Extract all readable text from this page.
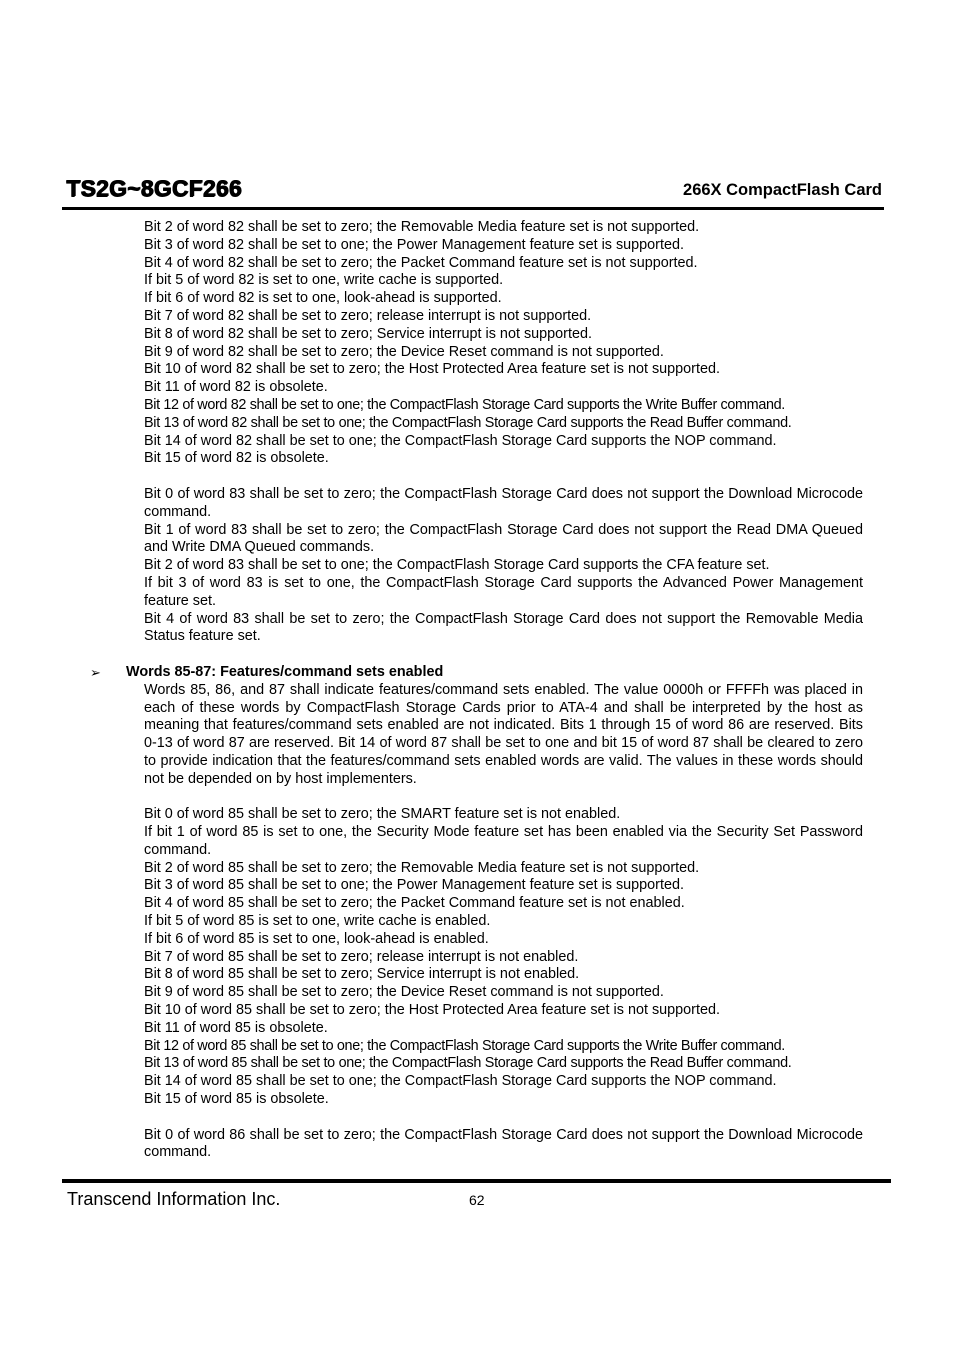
TS2G~8GCF266	266X CompactFlash Card
Bit 2 of word 82 shall be set to zero; the Removable Media feature set is not supported.
Bit 3 of word 82 shall be set to one; the Power Management feature set is supported.
Bit 4 of word 82 shall be set to zero; the Packet Command feature set is not supported.
If bit 5 of word 82 is set to one, write cache is supported.
If bit 6 of word 82 is set to one, look-ahead is supported.
Bit 7 of word 82 shall be set to zero; release interrupt is not supported.
Bit 8 of word 82 shall be set to zero; Service interrupt is not supported.
Bit 9 of word 82 shall be set to zero; the Device Reset command is not supported.
Bit 10 of word 82 shall be set to zero; the Host Protected Area feature set is not supported.
Bit 11 of word 82 is obsolete.
Bit 12 of word 82 shall be set to one; the CompactFlash Storage Card supports the Write Buffer command.
Bit 13 of word 82 shall be set to one; the CompactFlash Storage Card supports the Read Buffer command.
Bit 14 of word 82 shall be set to one; the CompactFlash Storage Card supports the NOP command.
Bit 15 of word 82 is obsolete.
Bit 0 of word 83 shall be set to zero; the CompactFlash Storage Card does not support the Download Microcode command.
Bit 1 of word 83 shall be set to zero; the CompactFlash Storage Card does not support the Read DMA Queued and Write DMA Queued commands.
Bit 2 of word 83 shall be set to one; the CompactFlash Storage Card supports the CFA feature set.
If bit 3 of word 83 is set to one, the CompactFlash Storage Card supports the Advanced Power Management feature set.
Bit 4 of word 83 shall be set to zero; the CompactFlash Storage Card does not support the Removable Media Status feature set.
➢ Words 85-87: Features/command sets enabled
Words 85, 86, and 87 shall indicate features/command sets enabled. The value 0000h or FFFFh was placed in each of these words by CompactFlash Storage Cards prior to ATA-4 and shall be interpreted by the host as meaning that features/command sets enabled are not indicated. Bits 1 through 15 of word 86 are reserved. Bits 0-13 of word 87 are reserved. Bit 14 of word 87 shall be set to one and bit 15 of word 87 shall be cleared to zero to provide indication that the features/command sets enabled words are valid. The values in these words should not be depended on by host implementers.
Bit 0 of word 85 shall be set to zero; the SMART feature set is not enabled.
If bit 1 of word 85 is set to one, the Security Mode feature set has been enabled via the Security Set Password command.
Bit 2 of word 85 shall be set to zero; the Removable Media feature set is not supported.
Bit 3 of word 85 shall be set to one; the Power Management feature set is supported.
Bit 4 of word 85 shall be set to zero; the Packet Command feature set is not enabled.
If bit 5 of word 85 is set to one, write cache is enabled.
If bit 6 of word 85 is set to one, look-ahead is enabled.
Bit 7 of word 85 shall be set to zero; release interrupt is not enabled.
Bit 8 of word 85 shall be set to zero; Service interrupt is not enabled.
Bit 9 of word 85 shall be set to zero; the Device Reset command is not supported.
Bit 10 of word 85 shall be set to zero; the Host Protected Area feature set is not supported.
Bit 11 of word 85 is obsolete.
Bit 12 of word 85 shall be set to one; the CompactFlash Storage Card supports the Write Buffer command.
Bit 13 of word 85 shall be set to one; the CompactFlash Storage Card supports the Read Buffer command.
Bit 14 of word 85 shall be set to one; the CompactFlash Storage Card supports the NOP command.
Bit 15 of word 85 is obsolete.
Bit 0 of word 86 shall be set to zero; the CompactFlash Storage Card does not support the Download Microcode command.
Transcend Information Inc.	62
